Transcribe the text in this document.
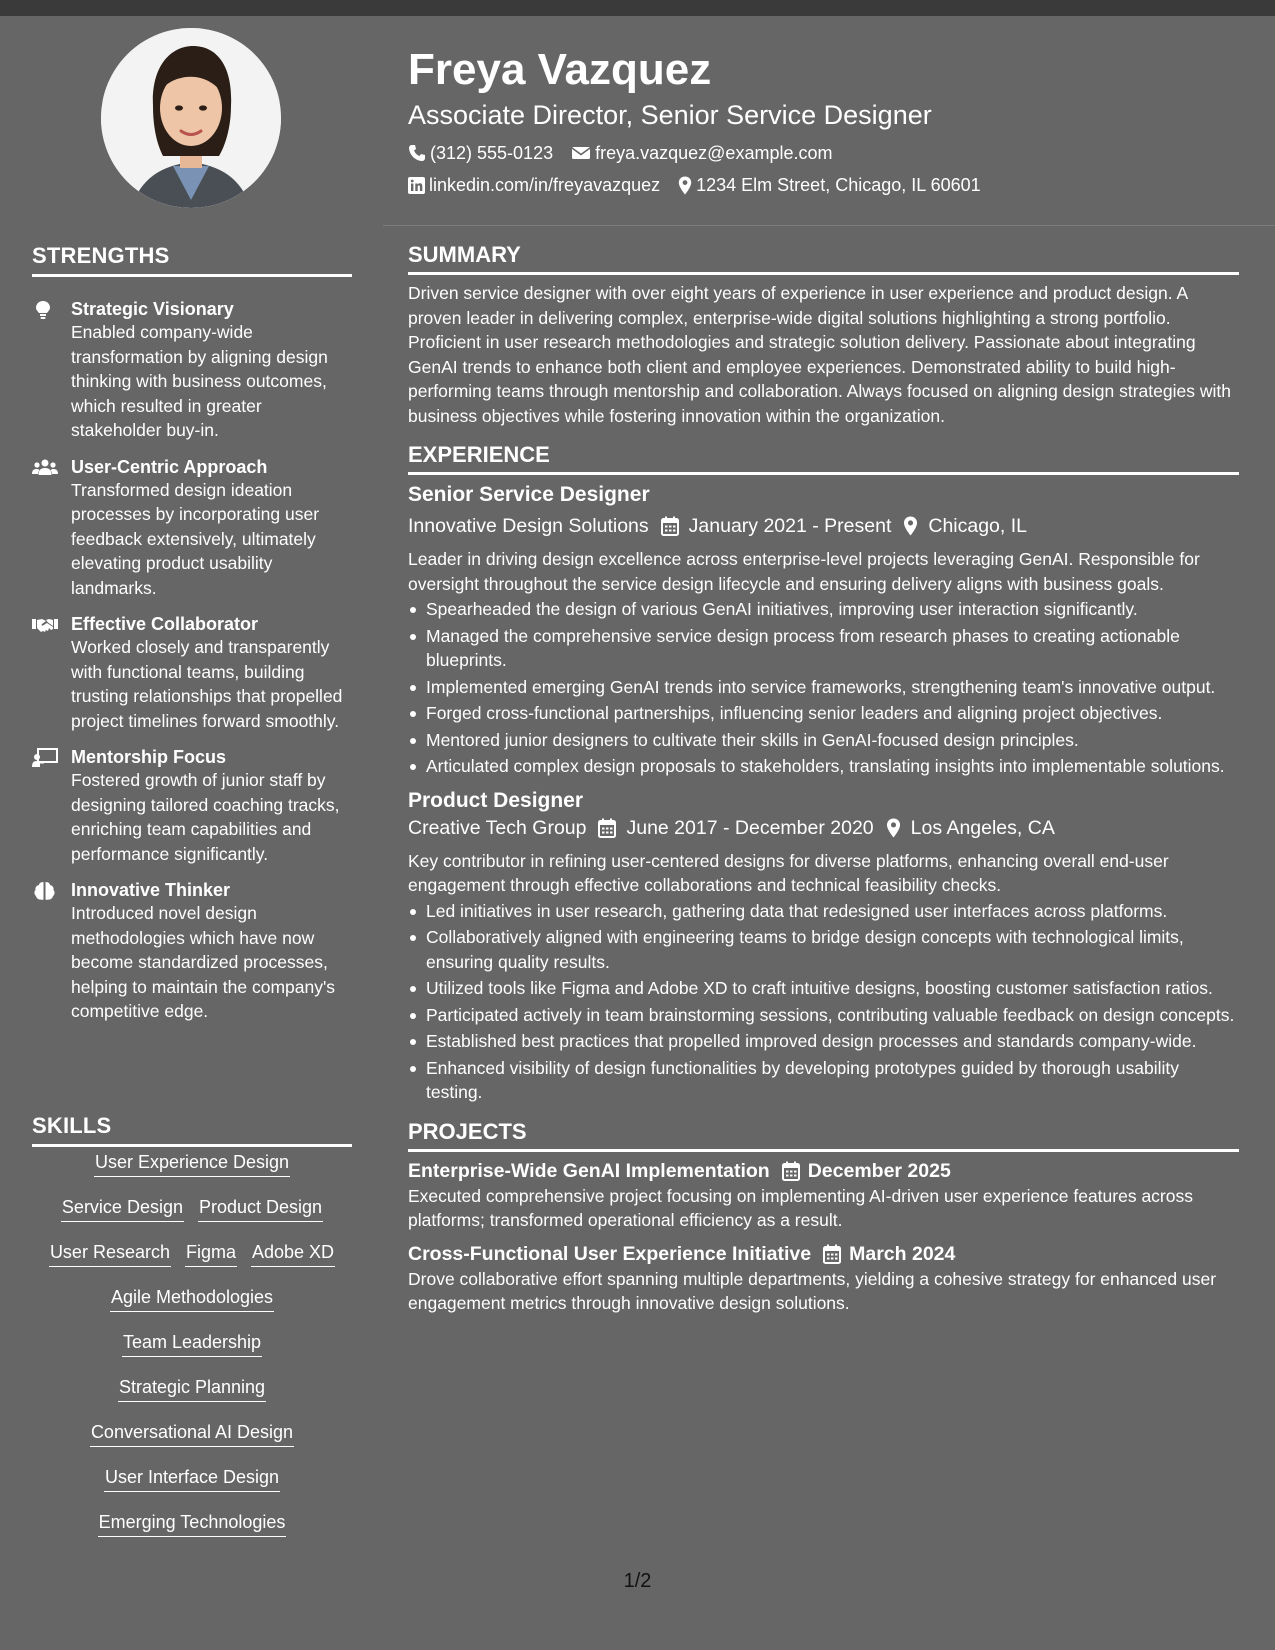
STRENGTHS
Strategic Visionary
Enabled company-wide transformation by aligning design thinking with business outcomes, which resulted in greater stakeholder buy-in.
User-Centric Approach
Transformed design ideation processes by incorporating user feedback extensively, ultimately elevating product usability landmarks.
Effective Collaborator
Worked closely and transparently with functional teams, building trusting relationships that propelled project timelines forward smoothly.
Mentorship Focus
Fostered growth of junior staff by designing tailored coaching tracks, enriching team capabilities and performance significantly.
Innovative Thinker
Introduced novel design methodologies which have now become standardized processes, helping to maintain the company's competitive edge.
SKILLS
User Experience Design
Service Design Product Design
User Research Figma Adobe XD
Agile Methodologies
Team Leadership
Strategic Planning
Conversational AI Design
User Interface Design
Emerging Technologies
Freya Vazquez
Associate Director, Senior Service Designer
(312) 555-0123 freya.vazquez@example.com
linkedin.com/in/freyavazquez 1234 Elm Street, Chicago, IL 60601
SUMMARY
Driven service designer with over eight years of experience in user experience and product design. A proven leader in delivering complex, enterprise-wide digital solutions highlighting a strong portfolio. Proficient in user research methodologies and strategic solution delivery. Passionate about integrating GenAI trends to enhance both client and employee experiences. Demonstrated ability to build high-performing teams through mentorship and collaboration. Always focused on aligning design strategies with business objectives while fostering innovation within the organization.
EXPERIENCE
Senior Service Designer
Innovative Design Solutions January 2021 - Present Chicago, IL
Leader in driving design excellence across enterprise-level projects leveraging GenAI. Responsible for oversight throughout the service design lifecycle and ensuring delivery aligns with business goals.
Spearheaded the design of various GenAI initiatives, improving user interaction significantly.
Managed the comprehensive service design process from research phases to creating actionable blueprints.
Implemented emerging GenAI trends into service frameworks, strengthening team's innovative output.
Forged cross-functional partnerships, influencing senior leaders and aligning project objectives.
Mentored junior designers to cultivate their skills in GenAI-focused design principles.
Articulated complex design proposals to stakeholders, translating insights into implementable solutions.
Product Designer
Creative Tech Group June 2017 - December 2020 Los Angeles, CA
Key contributor in refining user-centered designs for diverse platforms, enhancing overall end-user engagement through effective collaborations and technical feasibility checks.
Led initiatives in user research, gathering data that redesigned user interfaces across platforms.
Collaboratively aligned with engineering teams to bridge design concepts with technological limits, ensuring quality results.
Utilized tools like Figma and Adobe XD to craft intuitive designs, boosting customer satisfaction ratios.
Participated actively in team brainstorming sessions, contributing valuable feedback on design concepts.
Established best practices that propelled improved design processes and standards company-wide.
Enhanced visibility of design functionalities by developing prototypes guided by thorough usability testing.
PROJECTS
Enterprise-Wide GenAI Implementation December 2025
Executed comprehensive project focusing on implementing AI-driven user experience features across platforms; transformed operational efficiency as a result.
Cross-Functional User Experience Initiative March 2024
Drove collaborative effort spanning multiple departments, yielding a cohesive strategy for enhanced user engagement metrics through innovative design solutions.
1/2
